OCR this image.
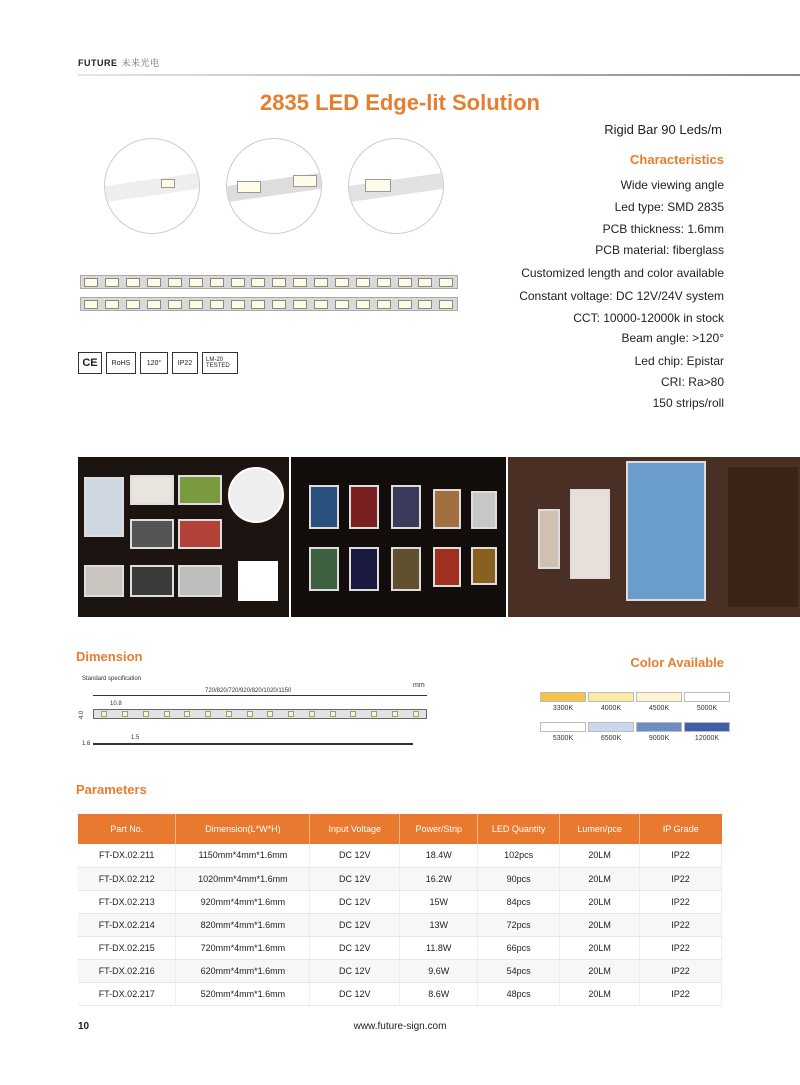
FUTURE 未来光电
2835 LED Edge-lit Solution
Rigid Bar 90 Leds/m
CE	RoHS	120°	IP22	LM-20 TESTED
Characteristics
Wide viewing angle
Led type: SMD 2835
PCB thickness: 1.6mm
PCB material: fiberglass
Customized length and color available
Constant voltage: DC 12V/24V system
CCT: 10000-12000k in stock
Beam angle: >120°
Led chip: Epistar
CRI: Ra>80
150 strips/roll
Dimension
Standard specification
mm
720/820/720/920/820/1020/1150
10.8
4.0
1.6
1.5
Color Available
3300K	4000K	4500K	5000K
5300K	6500K	9000K	12000K
Parameters
Part No.	Dimension(L*W*H)	Input Voltage	Power/Strip	LED Quantity	Lumen/pce	IP Grade
FT-DX.02.211	1150mm*4mm*1.6mm	DC 12V	18.4W	102pcs	20LM	IP22
FT-DX.02.212	1020mm*4mm*1.6mm	DC 12V	16.2W	90pcs	20LM	IP22
FT-DX.02.213	920mm*4mm*1.6mm	DC 12V	15W	84pcs	20LM	IP22
FT-DX.02.214	820mm*4mm*1.6mm	DC 12V	13W	72pcs	20LM	IP22
FT-DX.02.215	720mm*4mm*1.6mm	DC 12V	11.8W	66pcs	20LM	IP22
FT-DX.02.216	620mm*4mm*1.6mm	DC 12V	9.6W	54pcs	20LM	IP22
FT-DX.02.217	520mm*4mm*1.6mm	DC 12V	8.6W	48pcs	20LM	IP22
www.future-sign.com
10
